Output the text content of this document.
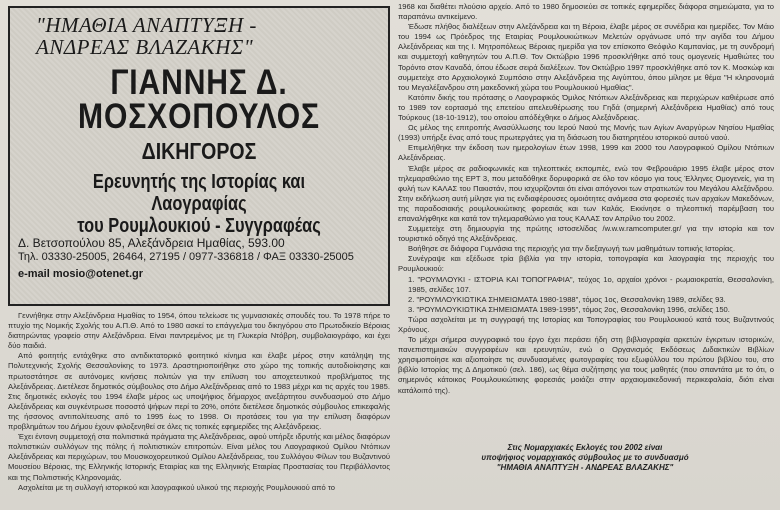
"ΗΜΑΘΙΑ ΑΝΑΠΤΥΞΗ -
ΑΝΔΡΕΑΣ ΒΛΑΖΑΚΗΣ"
ΓΙΑΝΝΗΣ Δ.
ΜΟΣΧΟΠΟΥΛΟΣ
ΔΙΚΗΓΟΡΟΣ
Ερευνητής της Ιστορίας και Λαογραφίας
του Ρουμλουκιού - Συγγραφέας
Δ. Βετσοπούλου 85, Αλεξάνδρεια Ημαθίας, 593.00
Τηλ. 03330-25005, 26464, 27195 / 0977-336818 / ΦΑΞ 03330-25005
e-mail mosio@otenet.gr

Γεννήθηκε στην Αλεξάνδρεια Ημαθίας το 1954, όπου τελείωσε τις γυμνασιακές σπουδές του. Το 1978 πήρε το πτυχίο της Νομικής Σχολής του Α.Π.Θ. Από το 1980 ασκεί το επάγγελμα του δικηγόρου στο Πρωτοδικείο Βέροιας διατηρώντας γραφείο στην Αλεξάνδρεια. Είναι παντρεμένος με τη Γλυκερία Ντόβρη, συμβολαιογράφο, και έχει δύο παιδιά.

Από φοιτητής εντάχθηκε στο αντιδικτατορικό φοιτητικό κίνημα και έλαβε μέρος στην κατάληψη της Πολυτεχνικής Σχολής Θεσσαλονίκης το 1973. Δραστηριοποιήθηκε στο χώρο της τοπικής αυτοδιοίκησης και πρωτοστάτησε σε αυτόνομες κινήσεις πολιτών για την επίλυση του αποχετευτικού προβλήματος της Αλεξάνδρειας. Διετέλεσε δημοτικός σύμβουλος στο Δήμο Αλεξάνδρειας από το 1983 μέχρι και τις αρχές του 1985. Στις δημοτικές εκλογές του 1994 έλαβε μέρος ως υποψήφιος δήμαρχος ανεξάρτητου συνδυασμού στο Δήμο Αλεξάνδρειας και συγκέντρωσε ποσοστό ψήφων περί το 20%, οπότε διετέλεσε δημοτικός σύμβουλος επικεφαλής της ήσσονος αντιπολίτευσης από το 1995 έως το 1998. Οι προτάσεις του για την επίλυση διαφόρων προβλημάτων του Δήμου έχουν φιλοξενηθεί σε όλες τις τοπικές εφημερίδες της Αλεξάνδρειας.

Έχει έντονη συμμετοχή στα πολιτιστικά πράγματα της Αλεξάνδρειας, αφού υπήρξε ιδρυτής και μέλος διαφόρων πολιτιστικών συλλόγων της πόλης ή πολιτιστικών επιτροπών. Είναι μέλος του Λαογραφικού Ομίλου Ντόπιων Αλεξάνδρειας και περιχώρων, του Μουσικοχορευτικού Ομίλου Αλεξάνδρειας, του Συλλόγου Φίλων του Βυζαντινού Μουσείου Βέροιας, της Ελληνικής Ιστορικής Εταιρίας και της Ελληνικής Εταιρίας Προστασίας του Περιβάλλοντος και της Πολιτιστικής Κληρονομιάς.

Ασχολείται με τη συλλογή ιστορικού και λαογραφικού υλικού της περιοχής Ρουμλουκιού από το

1968 και διαθέτει πλούσιο αρχείο. Από το 1980 δημοσιεύει σε τοπικές εφημερίδες διάφορα σημειώματα, για το παραπάνω αντικείμενο.

Έδωσε πλήθος διαλέξεων στην Αλεξάνδρεια και τη Βέροια, έλαβε μέρος σε συνέδρια και ημερίδες. Τον Μάιο του 1994 ως Πρόεδρος της Εταιρίας Ρουμλουκιώτικων Μελετών οργάνωσε υπό την αιγίδα του Δήμου Αλεξάνδρειας και της Ι. Μητροπόλεως Βέροιας ημερίδα για τον επίσκοπο Θεόφιλο Καμπανίας, με τη συνδρομή και συμμετοχή καθηγητών του Α.Π.Θ. Τον Οκτώβριο 1996 προσκλήθηκε από τους ομογενείς Ημαθιώτες του Τορόντο στον Καναδά, όπου έδωσε σειρά διαλέξεων. Τον Οκτώβριο 1997 προσκλήθηκε από τον Κ. Μοσκώφ και συμμετείχε στο Αρχαιολογικό Συμπόσιο στην Αλεξάνδρεια της Αιγύπτου, όπου μίλησε με θέμα "Η κληρονομιά του Μεγαλέξανδρου στη μακεδονική χώρα του Ρουμλουκιού Ημαθίας".

Κατόπιν δικής του πρότασης ο Λαογραφικός Όμιλος Ντόπιων Αλεξάνδρειας και περιχώρων καθιέρωσε από το 1989 τον εορτασμό της επετείου απελευθέρωσης του Γηδά (σημερινή Αλεξάνδρεια Ημαθίας) από τους Τούρκους (18-10-1912), του οποίου απόδέχθηκε ο Δήμος Αλεξάνδρειας.

Ως μέλος της επιτροπής Ανασύλλωσης του Ιερού Ναού της Μονής των Αγίων Αναργύρων Νησίου Ημαθίας (1993) υπήρξε ένας από τους πρωτεργάτες για τη διάσωση του διατηρητέου ιστορικού αυτού ναού.

Επιμελήθηκε την έκδοση των ημερολογίων έτων 1998, 1999 και 2000 του Λαογραφικού Ομίλου Ντόπιων Αλεξάνδρειας.

Έλαβε μέρος σε ραδιοφωνικές και τηλεοπτικές εκπομπές, ενώ τον Φεβρουάριο 1995 έλαβε μέρος στον τηλεμαραθώνιο της ΕΡΤ 3, που μεταδόθηκε δορυφορικά σε όλο τον κόσμο για τους Έλληνες Ομογενείς, για τη φυλή των ΚΑΛΑΣ του Πακιστάν, που ισχυρίζονται ότι είναι απόγονοι των στρατιωτών του Μεγάλου Αλεξάνδρου. Στην εκδήλωση αυτή μίλησε για τις ενδιαφέρουσες ομοιότητες ανάμεσα στα φορεσιές των αρχαίων Μακεδόνων, της παραδοσιακής ρουμλουκιώτικης φορεσιάς και των Καλάς. Εκκίνησε ο τηλεοπτική παρέμβαση του επαναλήφθηκε και κατά τον τηλεμαραθώνιο για τους ΚΑΛΑΣ τον Απρίλιο του 2002.

Συμμετείχε στη δημιουργία της πρώτης ιστοσελίδας /w.w.w.ramcomputer.gr/ για την ιστορία και τον τουριστικό οδηγό της Αλεξάνδρειας.

Βοήθησε σε διάφορα Γυμνάσια της περιοχής για την διεξαγωγή των μαθημάτων τοπικής Ιστορίας.

Συνέγραψε και εξέδωσε τρία βιβλία για την ιστορία, τοπογραφία και λαογραφία της περιοχής του Ρουμλουκιού:

1. "ΡΟΥΜΛΟΥΚΙ - ΙΣΤΟΡΙΑ ΚΑΙ ΤΟΠΟΓΡΑΦΙΑ", τεύχος 1ο, αρχαίοι χρόνοι - ρωμαιοκρατία, Θεσσαλονίκη, 1985, σελίδες 107.
2. "ΡΟΥΜΛΟΥΚΙΩΤΙΚΑ ΣΗΜΕΙΩΜΑΤΑ 1980-1988", τόμος 1ος, Θεσσαλονίκη 1989, σελίδες 93.
3. "ΡΟΥΜΛΟΥΚΙΩΤΙΚΑ ΣΗΜΕΙΩΜΑΤΑ 1989-1995", τόμος 2ος, Θεσσαλονίκη 1996, σελίδες 150.

Τώρα ασχολείται με τη συγγραφή της Ιστορίας και Τοπογραφίας του Ρουμλουκιού κατά τους Βυζαντινούς Χρόνους.

Το μέχρι σήμερα συγγραφικό του έργο έχει περάσει ήδη στη βιβλιογραφία αρκετών έγκριτων ιστορικών, πανεπιστημιακών συγγραφέων και ερευνητών, ενώ ο Οργανισμός Εκδόσεως Διδακτικών Βιβλίων χρησιμοποίησε και αξιοποίησε τις συνδυασμένες φωτογραφίες του εξωφύλλου του πρώτου βιβλίου του, στο βιβλίο Ιστορίας της Δ Δημοτικού (σελ. 186), ως θέμα συζήτησης για τους μαθητές (που σπαντάτα με το ότι, ο σημερινός κάτοικος Ρουμλουκιώτικης φορεσιάς μοιάζει στην αρχαιομακεδονική περικεφαλαία, διότι είναι κατάλοιπό της).

Στις Νομαρχιακές Εκλογές του 2002 είναι
υποψήφιος νομαρχιακός σύμβουλος με το συνδυασμό
"ΗΜΑΘΙΑ ΑΝΑΠΤΥΞΗ - ΑΝΔΡΕΑΣ ΒΛΑΖΑΚΗΣ"
